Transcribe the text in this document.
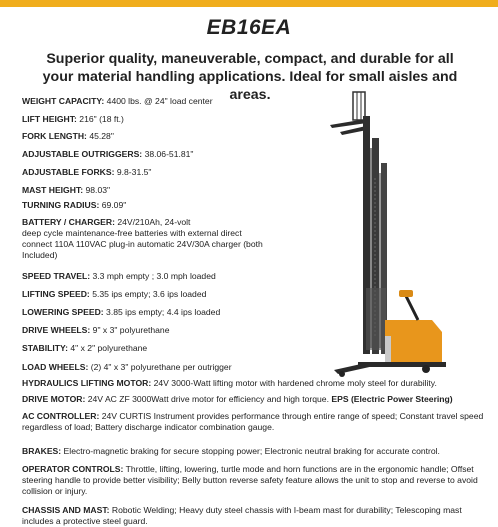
EB16EA
Superior quality, maneuverable, compact, and durable for all your material handling applications. Ideal for small aisles and areas.
WEIGHT CAPACITY: 4400 lbs. @ 24" load center
LIFT HEIGHT: 216" (18 ft.)
FORK LENGTH: 45.28"
ADJUSTABLE OUTRIGGERS: 38.06-51.81"
ADJUSTABLE FORKS: 9.8-31.5"
MAST HEIGHT: 98.03"
TURNING RADIUS: 69.09"
BATTERY / CHARGER: 24V/210Ah, 24-volt
deep cycle maintenance-free batteries with external direct connect 110A 110VAC plug-in automatic 24V/30A charger (both Included)
SPEED TRAVEL: 3.3 mph empty ; 3.0 mph loaded
LIFTING SPEED: 5.35 ips empty; 3.6 ips loaded
LOWERING SPEED: 3.85 ips empty; 4.4 ips loaded
DRIVE WHEELS: 9" x 3" polyurethane
STABILITY: 4" x 2" polyurethane
LOAD WHEELS: (2) 4" x 3" polyurethane per outrigger
HYDRAULICS LIFTING MOTOR: 24V 3000-Watt lifting motor with hardened chrome moly steel for durability.
DRIVE MOTOR: 24V AC ZF 3000Watt drive motor for efficiency and high torque. EPS (Electric Power Steering)
AC CONTROLLER: 24V CURTIS Instrument provides performance through entire range of speed; Constant travel speed regardless of load; Battery discharge indicator combination gauge.
BRAKES: Electro-magnetic braking for secure stopping power; Electronic neutral braking for accurate control.
OPERATOR CONTROLS: Throttle, lifting, lowering, turtle mode and horn functions are in the ergonomic handle; Offset steering handle to provide better visibility; Belly button reverse safety feature allows the unit to stop and reverse to avoid collision or injury.
CHASSIS AND MAST: Robotic Welding; Heavy duty steel chassis with I-beam mast for durability; Telescoping mast includes a protective steel guard.
